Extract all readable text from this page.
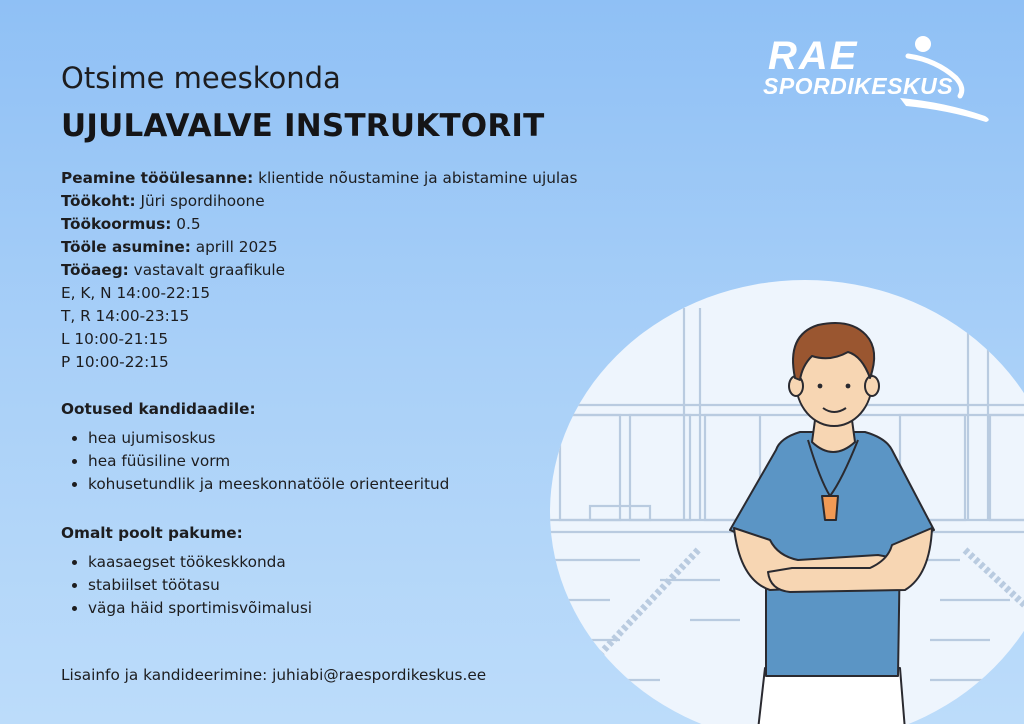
RAE
SPORDIKESKUS
Otsime meeskonda
UJULAVALVE INSTRUKTORIT
Peamine tööülesanne: klientide nõustamine ja abistamine ujulas
Töökoht: Jüri spordihoone
Töökoormus: 0.5
Tööle asumine: aprill 2025
Tööaeg: vastavalt graafikule
E, K, N 14:00-22:15
T, R 14:00-23:15
L 10:00-21:15
P 10:00-22:15
Ootused kandidaadile:
hea ujumisoskus
hea füüsiline vorm
kohusetundlik ja meeskonnatööle orienteeritud
Omalt poolt pakume:
kaasaegset töökeskkonda
stabiilset töötasu
väga häid sportimisvõimalusi
Lisainfo ja kandideerimine: juhiabi@raespordikeskus.ee
